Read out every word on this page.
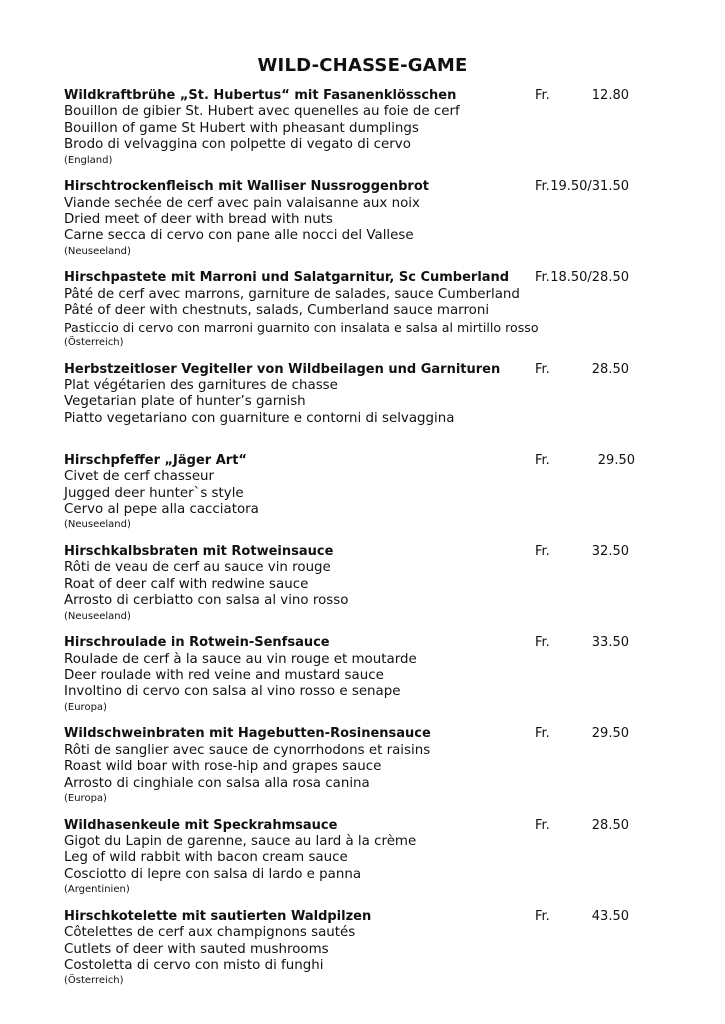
WILD-CHASSE-GAME
Wildkraftbrühe „St. Hubertus“ mit Fasanenklösschen	Fr.	12.80
Bouillon de gibier St. Hubert avec quenelles au foie de cerf
Bouillon of game St Hubert with pheasant dumplings
Brodo di velvaggina con polpette di vegato di cervo
(England)
Hirschtrockenfleisch mit Walliser Nussroggenbrot	Fr. 19.50/31.50
Viande sechée de cerf avec pain valaisanne aux noix
Dried meet of deer with bread with nuts
Carne secca di cervo con pane alle nocci del Vallese
(Neuseeland)
Hirschpastete mit Marroni und Salatgarnitur, Sc Cumberland	Fr. 18.50/28.50
Pâté de cerf avec marrons, garniture de salades, sauce Cumberland
Pâté of deer with chestnuts, salads, Cumberland sauce marroni
Pasticcio di cervo con marroni guarnito con insalata e salsa al mirtillo rosso
(Österreich)
Herbstzeitloser Vegiteller von Wildbeilagen und Garnituren	Fr.	28.50
Plat végétarien des garnitures de chasse
Vegetarian plate of hunter’s garnish
Piatto vegetariano con guarniture e contorni di selvaggina
Hirschpfeffer „Jäger Art“	Fr.	29.50
Civet de cerf chasseur
Jugged deer hunter`s style
Cervo al pepe alla cacciatora
(Neuseeland)
Hirschkalbsbraten mit Rotweinsauce	Fr.	32.50
Rôti de veau de cerf au sauce vin rouge
Roat of deer calf with redwine sauce
Arrosto di cerbiatto con salsa al vino rosso
(Neuseeland)
Hirschroulade in Rotwein-Senfsauce	Fr.	33.50
Roulade de cerf à la sauce au vin rouge et moutarde
Deer roulade with red veine and mustard sauce
Involtino di cervo con salsa al vino rosso e senape
(Europa)
Wildschweinbraten mit Hagebutten-Rosinensauce	Fr.	29.50
Rôti de sanglier avec sauce de cynorrhodons et raisins
Roast wild boar with rose-hip and grapes sauce
Arrosto di cinghiale con salsa alla rosa canina
(Europa)
Wildhasenkeule mit Speckrahmsauce	Fr.	28.50
Gigot du Lapin de garenne, sauce au lard à la crème
Leg of wild rabbit with bacon cream sauce
Cosciotto di lepre con salsa di lardo e panna
(Argentinien)
Hirschkotelette mit sautierten Waldpilzen	Fr.	43.50
Côtelettes de cerf aux champignons sautés
Cutlets of deer with sauted mushrooms
Costoletta di cervo con misto di funghi
(Österreich)
